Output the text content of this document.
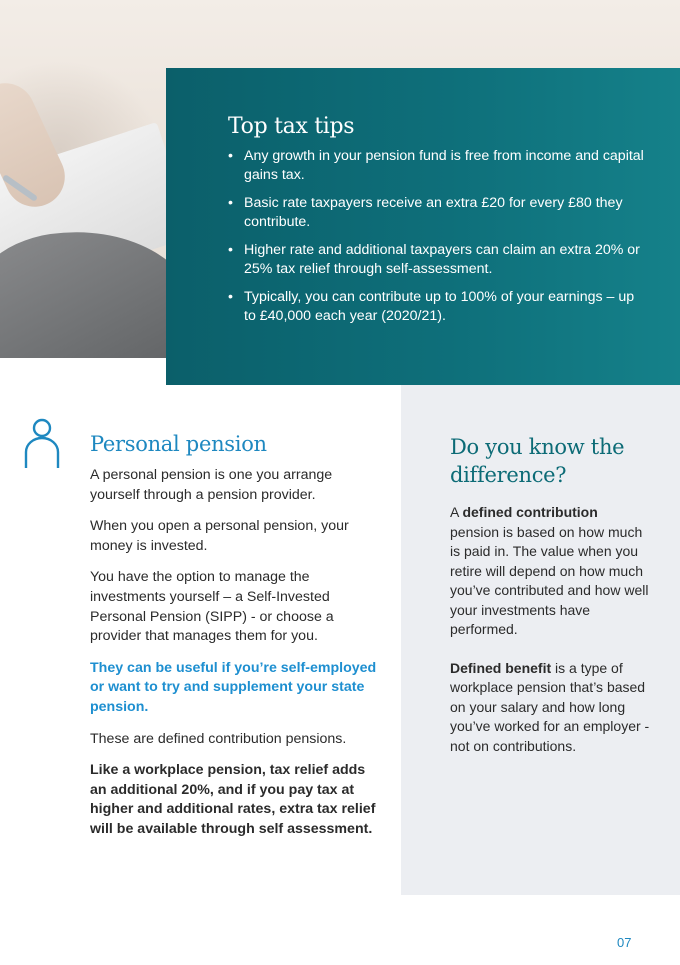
Top tax tips
• Any growth in your pension fund is free from income and capital gains tax.
• Basic rate taxpayers receive an extra £20 for every £80 they contribute.
• Higher rate and additional taxpayers can claim an extra 20% or 25% tax relief through self-assessment.
• Typically, you can contribute up to 100% of your earnings – up to £40,000 each year (2020/21).
Personal pension

A personal pension is one you arrange yourself through a pension provider.

When you open a personal pension, your money is invested.

You have the option to manage the investments yourself – a Self-Invested Personal Pension (SIPP) - or choose a provider that manages them for you.

They can be useful if you’re self-employed or want to try and supplement your state pension.

These are defined contribution pensions.

Like a workplace pension, tax relief adds an additional 20%, and if you pay tax at higher and additional rates, extra tax relief will be available through self assessment.

Do you know the difference?

A defined contribution pension is based on how much is paid in. The value when you retire will depend on how much you’ve contributed and how well your investments have performed.

Defined benefit is a type of workplace pension that’s based on your salary and how long you’ve worked for an employer - not on contributions.

07
